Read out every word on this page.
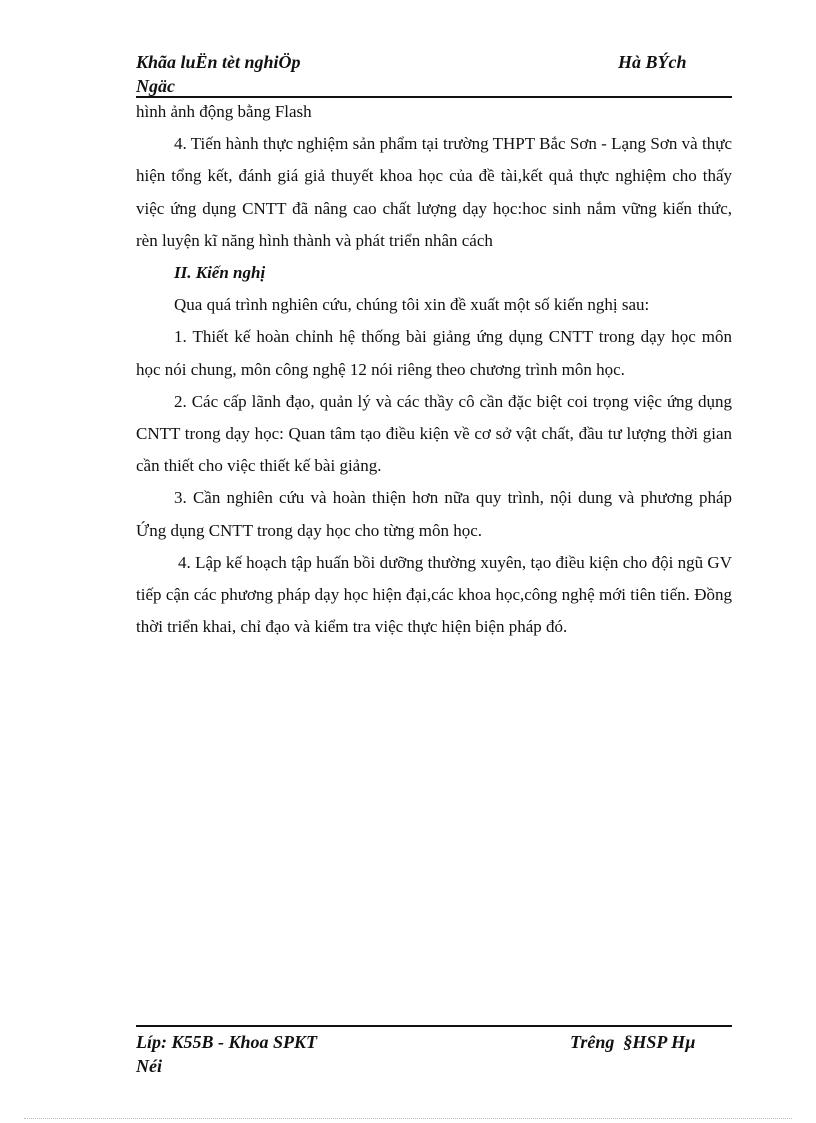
Khãa luËn tèt nghiÖp
Ngäc
Hà BÝch

hình ảnh động bằng Flash

4. Tiến hành thực nghiệm sản phẩm tại trường THPT Bắc Sơn - Lạng Sơn và thực hiện tổng kết, đánh giá giả thuyết khoa học của đề tài,kết quả thực nghiệm cho thấy việc ứng dụng CNTT đã nâng cao chất lượng dạy học:hoc sinh nắm vững kiến thức, rèn luyện kĩ năng hình thành và phát triển nhân cách

II. Kiến nghị

Qua quá trình nghiên cứu, chúng tôi xin đề xuất một số kiến nghị sau:

1. Thiết kế hoàn chỉnh hệ thống bài giảng ứng dụng CNTT trong dạy học môn học nói chung, môn công nghệ 12 nói riêng theo chương trình môn học.

2. Các cấp lãnh đạo, quản lý và các thầy cô cần đặc biệt coi trọng việc ứng dụng CNTT trong dạy học: Quan tâm tạo điều kiện về cơ sở vật chất, đầu tư lượng thời gian cần thiết cho việc thiết kế bài giảng.

3. Cần nghiên cứu và hoàn thiện hơn nữa quy trình, nội dung và phương pháp Ứng dụng CNTT trong dạy học cho từng môn học.

4. Lập kế hoạch tập huấn bồi dưỡng thường xuyên, tạo điều kiện cho đội ngũ GV tiếp cận các phương pháp dạy học hiện đại,các khoa học,công nghệ mới tiên tiến. Đồng thời triển khai, chỉ đạo và kiểm tra việc thực hiện biện pháp đó.

Líp: K55B - Khoa SPKT
Néi
Trêng  §HSP Hµ
